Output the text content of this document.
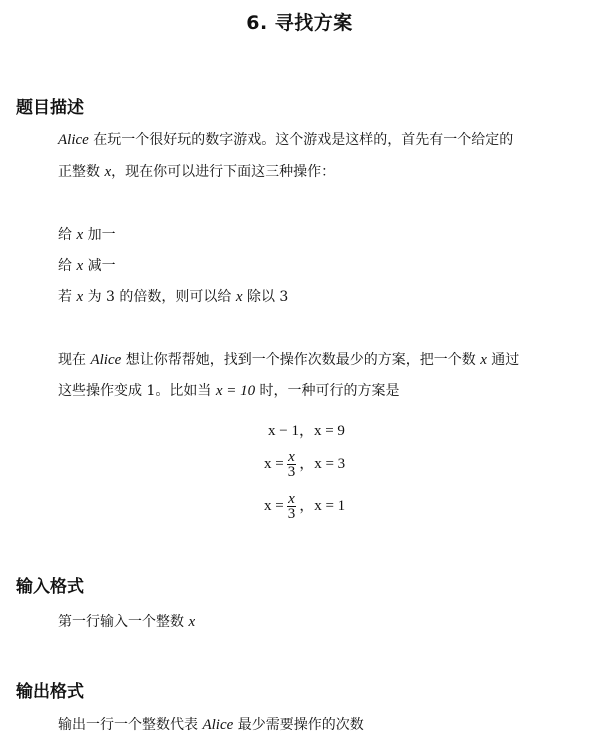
6. 寻找方案
题目描述
Alice 在玩一个很好玩的数字游戏。这个游戏是这样的，首先有一个给定的
正整数 x，现在你可以进行下面这三种操作：
给 x 加一
给 x 减一
若 x 为 3 的倍数，则可以给 x 除以 3
现在 Alice 想让你帮帮她，找到一个操作次数最少的方案，把一个数 x 通过
这些操作变成 1。比如当 x = 10 时，一种可行的方案是
x − 1，x = 9
$x = \frac{x}{3}$ ，x = 3
$x = \frac{x}{3}$ ，x = 1
输入格式
第一行输入一个整数 x
输出格式
输出一行一个整数代表 Alice 最少需要操作的次数
